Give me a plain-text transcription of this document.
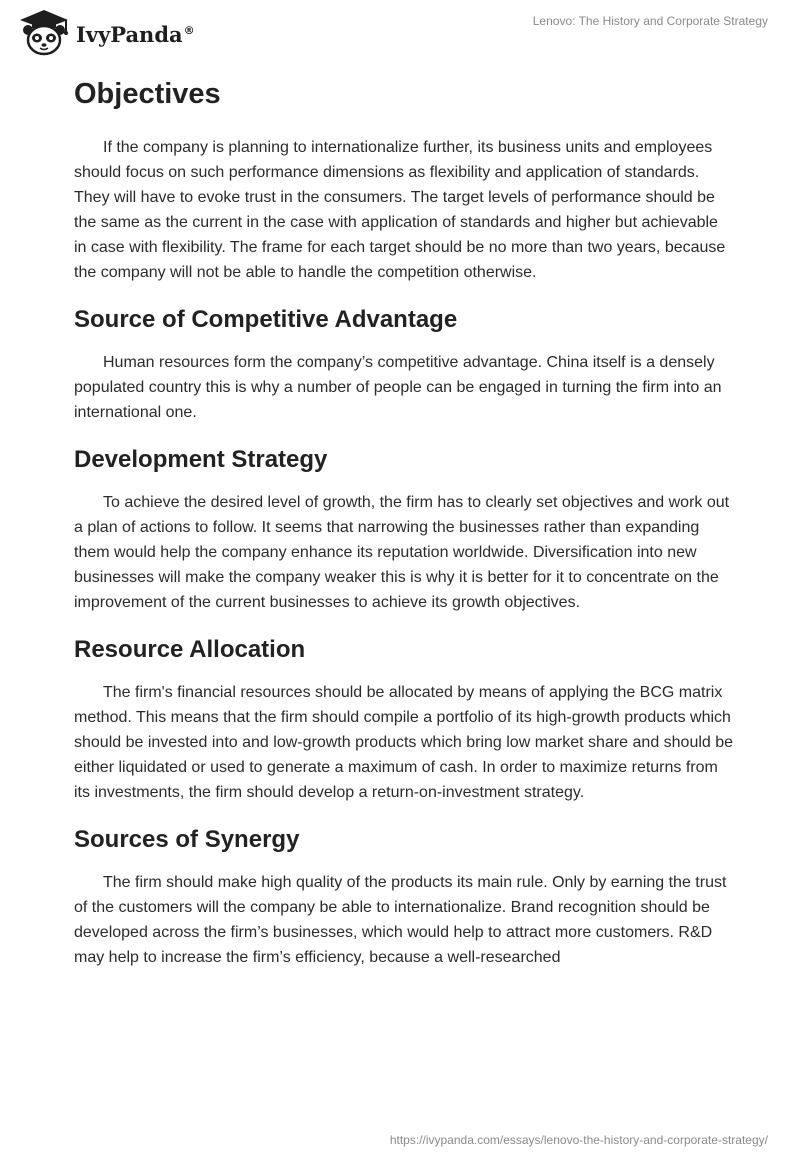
IvyPanda®
Lenovo: The History and Corporate Strategy
Objectives

If the company is planning to internationalize further, its business units and employees should focus on such performance dimensions as flexibility and application of standards. They will have to evoke trust in the consumers. The target levels of performance should be the same as the current in the case with application of standards and higher but achievable in case with flexibility. The frame for each target should be no more than two years, because the company will not be able to handle the competition otherwise.

Source of Competitive Advantage

Human resources form the company’s competitive advantage. China itself is a densely populated country this is why a number of people can be engaged in turning the firm into an international one.

Development Strategy

To achieve the desired level of growth, the firm has to clearly set objectives and work out a plan of actions to follow. It seems that narrowing the businesses rather than expanding them would help the company enhance its reputation worldwide. Diversification into new businesses will make the company weaker this is why it is better for it to concentrate on the improvement of the current businesses to achieve its growth objectives.

Resource Allocation

The firm's financial resources should be allocated by means of applying the BCG matrix method. This means that the firm should compile a portfolio of its high-growth products which should be invested into and low-growth products which bring low market share and should be either liquidated or used to generate a maximum of cash. In order to maximize returns from its investments, the firm should develop a return-on-investment strategy.

Sources of Synergy

The firm should make high quality of the products its main rule. Only by earning the trust of the customers will the company be able to internationalize. Brand recognition should be developed across the firm’s businesses, which would help to attract more customers. R&D may help to increase the firm’s efficiency, because a well-researched

https://ivypanda.com/essays/lenovo-the-history-and-corporate-strategy/
